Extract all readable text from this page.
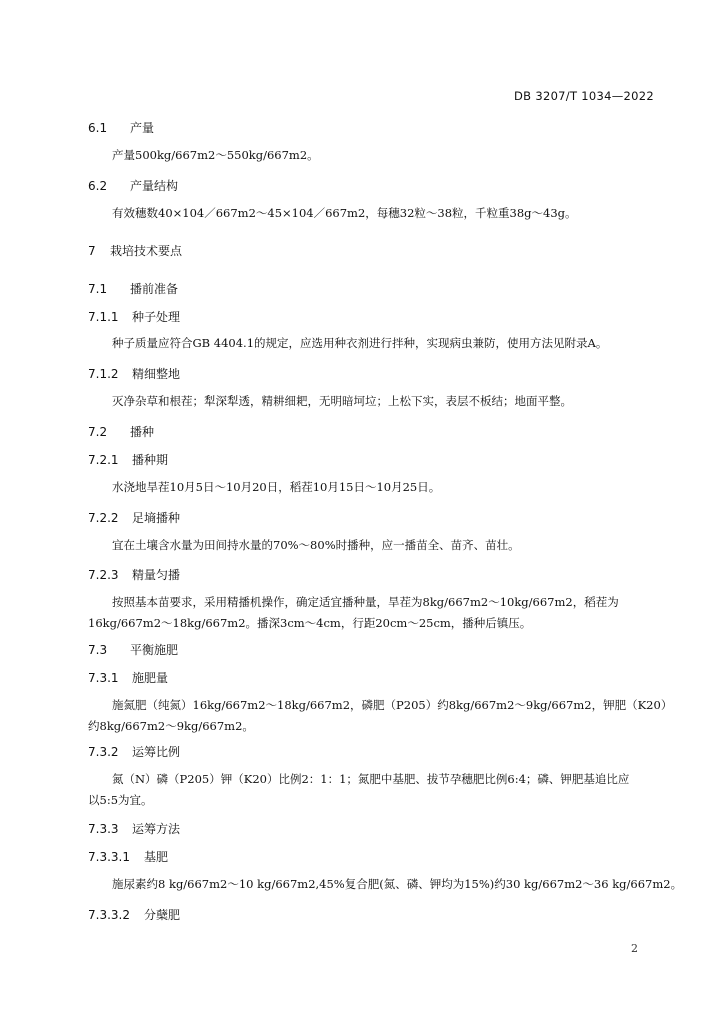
DB 3207/T 1034—2022
6.1 产量
产量500kg/667m2～550kg/667m2。
6.2 产量结构
有效穗数40×104／667m2～45×104／667m2，每穗32粒～38粒，千粒重38g～43g。
7 栽培技术要点
7.1 播前准备
7.1.1 种子处理
种子质量应符合GB 4404.1的规定，应选用种衣剂进行拌种，实现病虫兼防，使用方法见附录A。
7.1.2 精细整地
灭净杂草和根茬；犁深犁透，精耕细耙，无明暗坷垃；上松下实，表层不板结；地面平整。
7.2 播种
7.2.1 播种期
水浇地旱茬10月5日～10月20日，稻茬10月15日～10月25日。
7.2.2 足墒播种
宜在土壤含水量为田间持水量的70%～80%时播种，应一播苗全、苗齐、苗壮。
7.2.3 精量匀播
按照基本苗要求，采用精播机操作，确定适宜播种量，旱茬为8kg/667m2～10kg/667m2，稻茬为
16kg/667m2～18kg/667m2。播深3cm～4cm，行距20cm～25cm，播种后镇压。
7.3 平衡施肥
7.3.1 施肥量
施氮肥（纯氮）16kg/667m2～18kg/667m2，磷肥（P205）约8kg/667m2～9kg/667m2，钾肥（K20）
约8kg/667m2～9kg/667m2。
7.3.2 运筹比例
氮（N）磷（P205）钾（K20）比例2：1：1；氮肥中基肥、拔节孕穗肥比例6:4；磷、钾肥基追比应
以5:5为宜。
7.3.3 运筹方法
7.3.3.1 基肥
施尿素约8 kg/667m2～10 kg/667m2,45%复合肥(氮、磷、钾均为15%)约30 kg/667m2～36 kg/667m2。
7.3.3.2 分蘖肥
2
